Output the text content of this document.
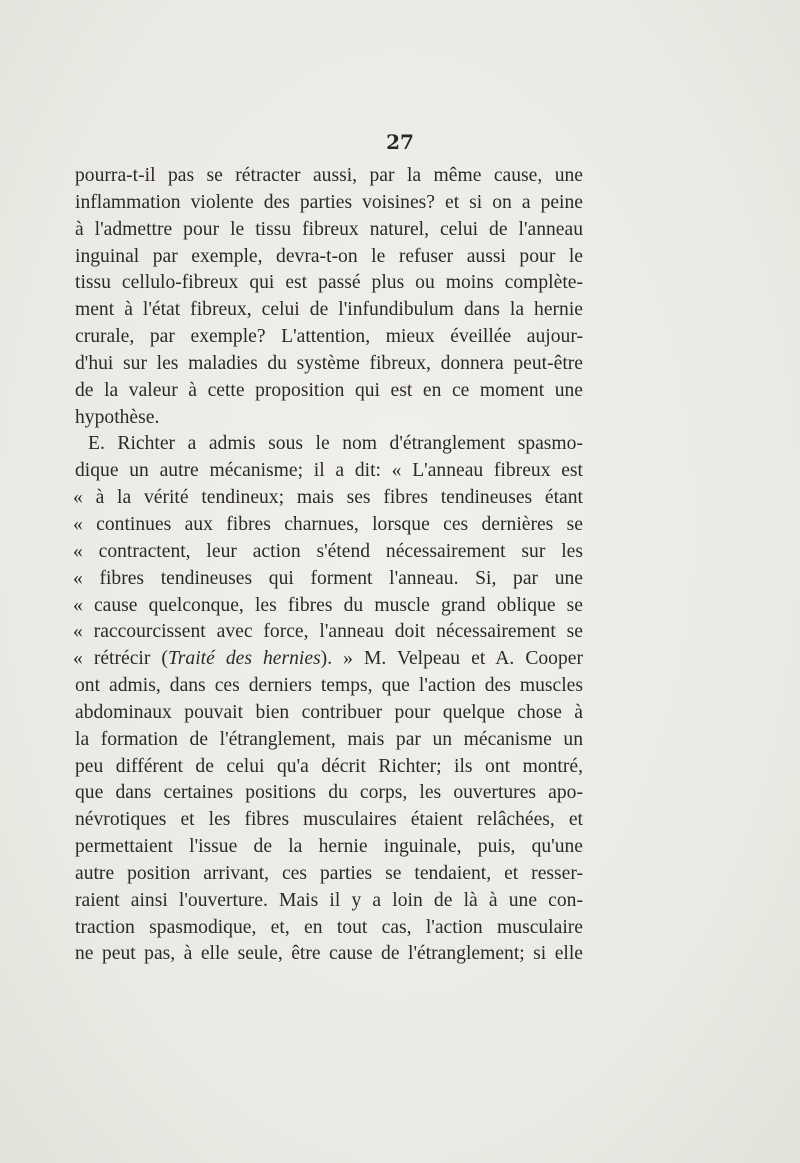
27
pourra-t-il pas se rétracter aussi, par la même cause, une
inflammation violente des parties voisines? et si on a peine
à l'admettre pour le tissu fibreux naturel, celui de l'anneau
inguinal par exemple, devra-t-on le refuser aussi pour le
tissu cellulo-fibreux qui est passé plus ou moins complète-
ment à l'état fibreux, celui de l'infundibulum dans la hernie
crurale, par exemple? L'attention, mieux éveillée aujour-
d'hui sur les maladies du système fibreux, donnera peut-être
de la valeur à cette proposition qui est en ce moment une
hypothèse.
E. Richter a admis sous le nom d'étranglement spasmo-
dique un autre mécanisme; il a dit: « L'anneau fibreux est
« à la vérité tendineux; mais ses fibres tendineuses étant
« continues aux fibres charnues, lorsque ces dernières se
« contractent, leur action s'étend nécessairement sur les
« fibres tendineuses qui forment l'anneau. Si, par une
« cause quelconque, les fibres du muscle grand oblique se
« raccourcissent avec force, l'anneau doit nécessairement se
« rétrécir (Traité des hernies). » M. Velpeau et A. Cooper
ont admis, dans ces derniers temps, que l'action des muscles
abdominaux pouvait bien contribuer pour quelque chose à
la formation de l'étranglement, mais par un mécanisme un
peu différent de celui qu'a décrit Richter; ils ont montré,
que dans certaines positions du corps, les ouvertures apo-
névrotiques et les fibres musculaires étaient relâchées, et
permettaient l'issue de la hernie inguinale, puis, qu'une
autre position arrivant, ces parties se tendaient, et resser-
raient ainsi l'ouverture. Mais il y a loin de là à une con-
traction spasmodique, et, en tout cas, l'action musculaire
ne peut pas, à elle seule, être cause de l'étranglement; si elle
